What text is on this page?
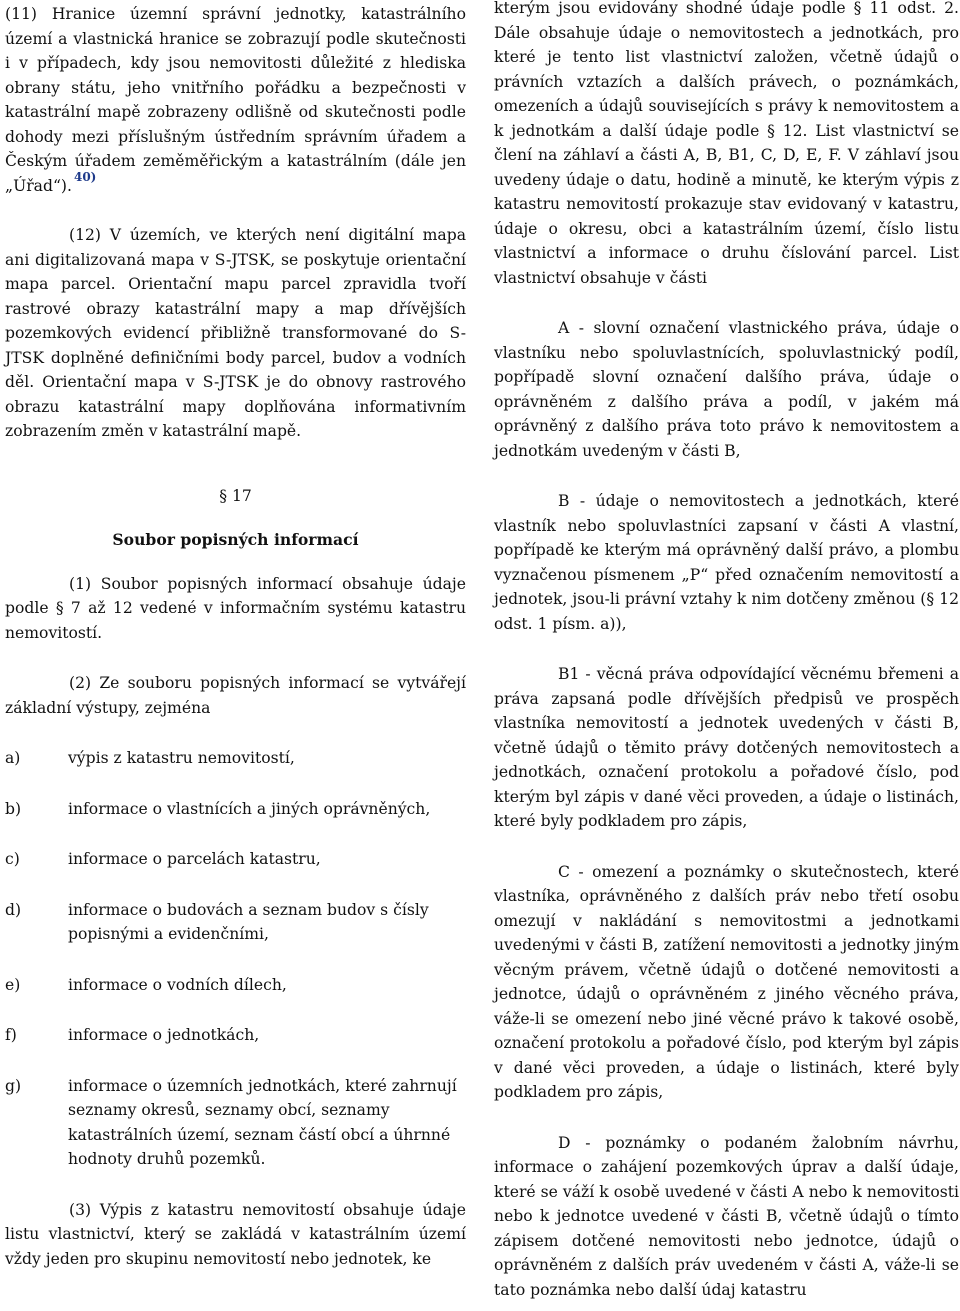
(11) Hranice územní správní jednotky, katastrálního území a vlastnická hranice se zobrazují podle skutečnosti i v případech, kdy jsou nemovitosti důležité z hlediska obrany státu, jeho vnitřního pořádku a bezpečnosti v katastrální mapě zobrazeny odlišně od skutečnosti podle dohody mezi příslušným ústředním správním úřadem a Českým úřadem zeměměřickým a katastrálním (dále jen „Úřad“). $^{40)}$

(12) V územích, ve kterých není digitální mapa ani digitalizovaná mapa v S-JTSK, se poskytuje orientační mapa parcel. Orientační mapu parcel zpravidla tvoří rastrové obrazy katastrální mapy a map dřívějších pozemkových evidencí přibližně transformované do S-JTSK doplněné definičními body parcel, budov a vodních děl. Orientační mapa v S-JTSK je do obnovy rastrového obrazu katastrální mapy doplňována informativním zobrazením změn v katastrální mapě.

§ 17
Soubor popisných informací

(1) Soubor popisných informací obsahuje údaje podle § 7 až 12 vedené v informačním systému katastru nemovitostí.

(2) Ze souboru popisných informací se vytvářejí základní výstupy, zejména

a)	výpis z katastru nemovitostí,
b)	informace o vlastnících a jiných oprávněných,
c)	informace o parcelách katastru,
d)	informace o budovách a seznam budov s čísly popisnými a evidenčními,
e)	informace o vodních dílech,
f)	informace o jednotkách,
g)	informace o územních jednotkách, které zahrnují seznamy okresů, seznamy obcí, seznamy katastrálních území, seznam částí obcí a úhrnné hodnoty druhů pozemků.

(3) Výpis z katastru nemovitostí obsahuje údaje listu vlastnictví, který se zakládá v katastrálním území vždy jeden pro skupinu nemovitostí nebo jednotek, ke

kterým jsou evidovány shodné údaje podle § 11 odst. 2. Dále obsahuje údaje o nemovitostech a jednotkách, pro které je tento list vlastnictví založen, včetně údajů o právních vztazích a dalších právech, o poznámkách, omezeních a údajů souvisejících s právy k nemovitostem a k jednotkám a další údaje podle § 12. List vlastnictví se člení na záhlaví a části A, B, B1, C, D, E, F. V záhlaví jsou uvedeny údaje o datu, hodině a minutě, ke kterým výpis z katastru nemovitostí prokazuje stav evidovaný v katastru, údaje o okresu, obci a katastrálním území, číslo listu vlastnictví a informace o druhu číslování parcel. List vlastnictví obsahuje v části

A - slovní označení vlastnického práva, údaje o vlastníku nebo spoluvlastnících, spoluvlastnický podíl, popřípadě slovní označení dalšího práva, údaje o oprávněném z dalšího práva a podíl, v jakém má oprávněný z dalšího práva toto právo k nemovitostem a jednotkám uvedeným v části B,

B - údaje o nemovitostech a jednotkách, které vlastník nebo spoluvlastníci zapsaní v části A vlastní, popřípadě ke kterým má oprávněný další právo, a plombu vyznačenou písmenem „P“ před označením nemovitostí a jednotek, jsou-li právní vztahy k nim dotčeny změnou (§ 12 odst. 1 písm. a)),

B1 - věcná práva odpovídající věcnému břemeni a práva zapsaná podle dřívějších předpisů ve prospěch vlastníka nemovitostí a jednotek uvedených v části B, včetně údajů o těmito právy dotčených nemovitostech a jednotkách, označení protokolu a pořadové číslo, pod kterým byl zápis v dané věci proveden, a údaje o listinách, které byly podkladem pro zápis,

C - omezení a poznámky o skutečnostech, které vlastníka, oprávněného z dalších práv nebo třetí osobu omezují v nakládání s nemovitostmi a jednotkami uvedenými v části B, zatížení nemovitosti a jednotky jiným věcným právem, včetně údajů o dotčené nemovitosti a jednotce, údajů o oprávněném z jiného věcného práva, váže-li se omezení nebo jiné věcné právo k takové osobě, označení protokolu a pořadové číslo, pod kterým byl zápis v dané věci proveden, a údaje o listinách, které byly podkladem pro zápis,

D - poznámky o podaném žalobním návrhu, informace o zahájení pozemkových úprav a další údaje, které se váží k osobě uvedené v části A nebo k nemovitosti nebo k jednotce uvedené v části B, včetně údajů o tímto zápisem dotčené nemovitosti nebo jednotce, údajů o oprávněném z dalších práv uvedeném v části A, váže-li se tato poznámka nebo další údaj katastru
